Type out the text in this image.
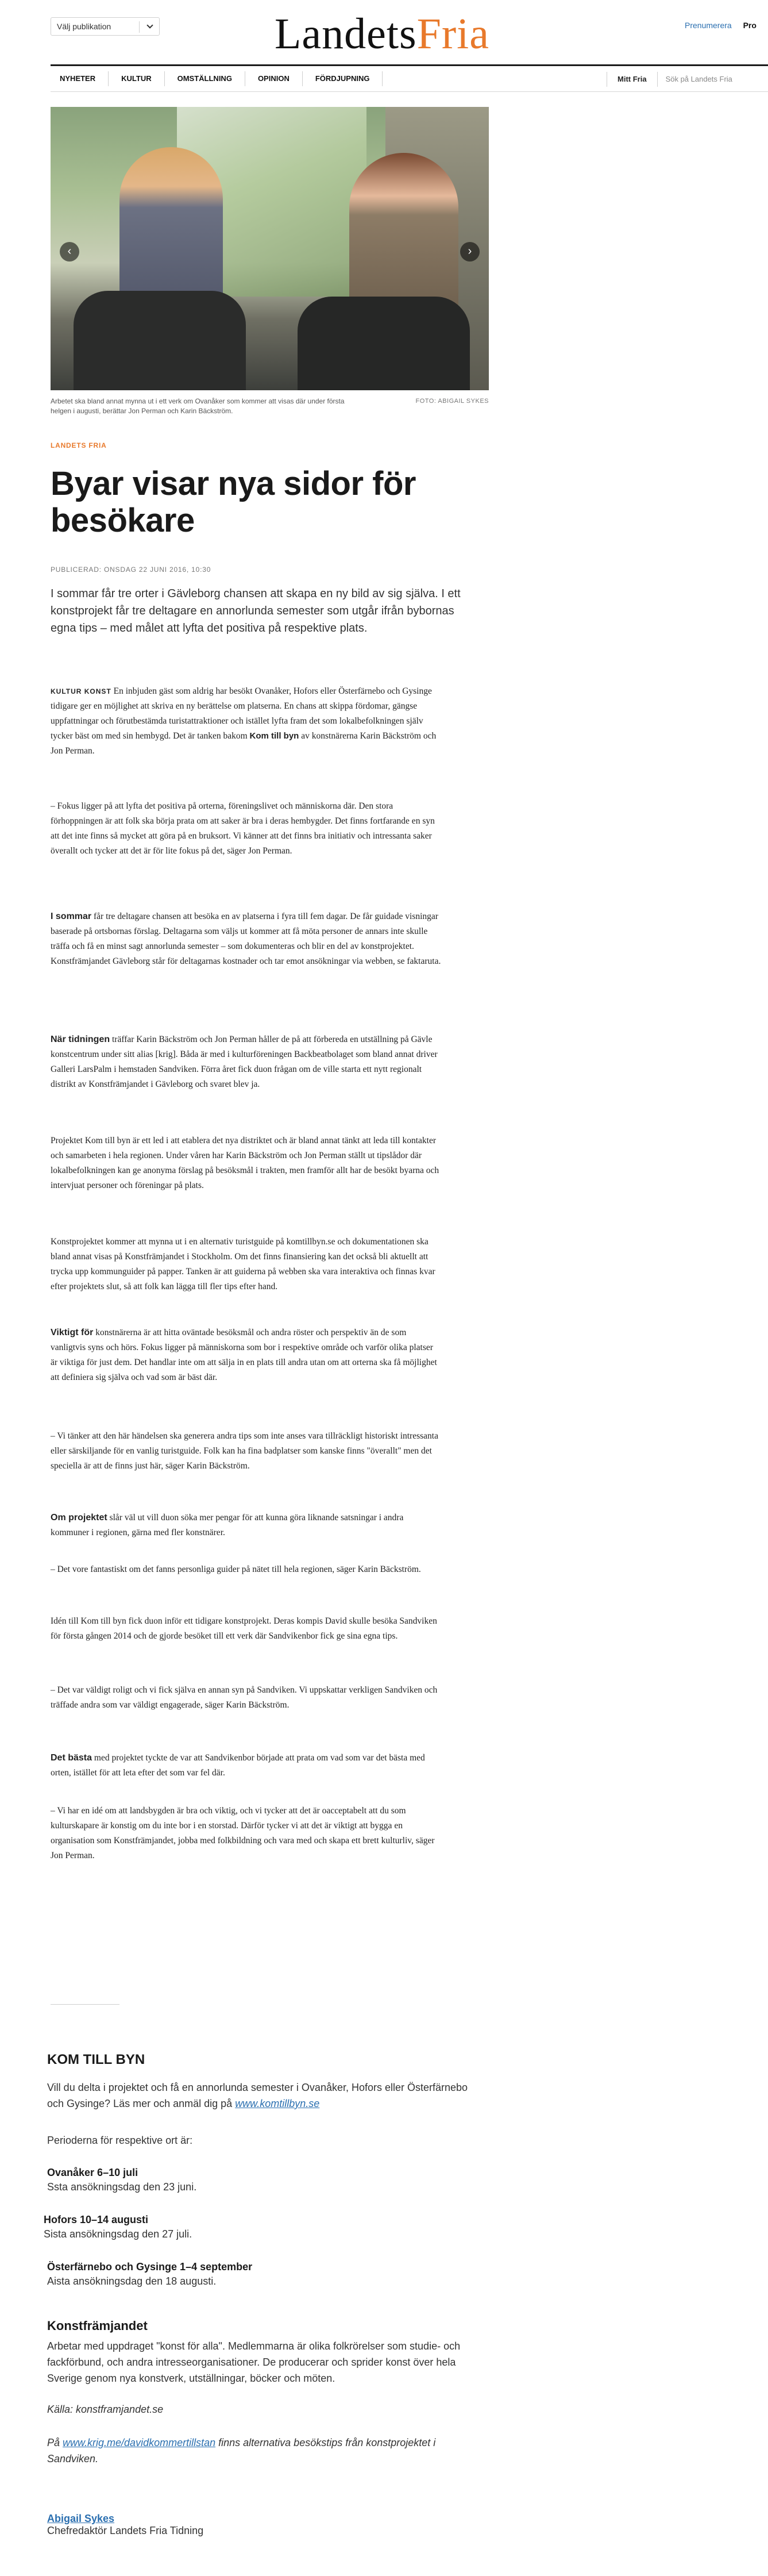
Välj publikation	LandetsFria	Prenumerera Pro
NYHETER	KULTUR	OMSTÄLLNING	OPINION	FÖRDJUPNING	Mitt Fria	Sök på Landets Fria
‹	›
Arbetet ska bland annat mynna ut i ett verk om Ovanåker som kommer att visas där under första helgen i augusti, berättar Jon Perman och Karin Bäckström.
FOTO: ABIGAIL SYKES
LANDETS FRIA
Byar visar nya sidor för besökare
PUBLICERAD: ONSDAG 22 JUNI 2016, 10:30

I sommar får tre orter i Gävleborg chansen att skapa en ny bild av sig själva. I ett konstprojekt får tre deltagare en annorlunda semester som utgår ifrån bybornas egna tips – med målet att lyfta det positiva på respektive plats.

KULTUR KONST En inbjuden gäst som aldrig har besökt Ovanåker, Hofors eller Österfärnebo och Gysinge tidigare ger en möjlighet att skriva en ny berättelse om platserna. En chans att skippa fördomar, gängse uppfattningar och förutbestämda turistattraktioner och istället lyfta fram det som lokalbefolkningen själv tycker bäst om med sin hembygd. Det är tanken bakom Kom till byn av konstnärerna Karin Bäckström och Jon Perman.

– Fokus ligger på att lyfta det positiva på orterna, föreningslivet och människorna där. Den stora förhoppningen är att folk ska börja prata om att saker är bra i deras hembygder. Det finns fortfarande en syn att det inte finns så mycket att göra på en bruksort. Vi känner att det finns bra initiativ och intressanta saker överallt och tycker att det är för lite fokus på det, säger Jon Perman.

I sommar får tre deltagare chansen att besöka en av platserna i fyra till fem dagar. De får guidade visningar baserade på ortsbornas förslag. Deltagarna som väljs ut kommer att få möta personer de annars inte skulle träffa och få en minst sagt annorlunda semester – som dokumenteras och blir en del av konstprojektet. Konstfrämjandet Gävleborg står för deltagarnas kostnader och tar emot ansökningar via webben, se faktaruta.

När tidningen träffar Karin Bäckström och Jon Perman håller de på att förbereda en utställning på Gävle konstcentrum under sitt alias [krig]. Båda är med i kulturföreningen Backbeatbolaget som bland annat driver Galleri LarsPalm i hemstaden Sandviken. Förra året fick duon frågan om de ville starta ett nytt regionalt distrikt av Konstfrämjandet i Gävleborg och svaret blev ja.

Projektet Kom till byn är ett led i att etablera det nya distriktet och är bland annat tänkt att leda till kontakter och samarbeten i hela regionen. Under våren har Karin Bäckström och Jon Perman ställt ut tipslådor där lokalbefolkningen kan ge anonyma förslag på besöksmål i trakten, men framför allt har de besökt byarna och intervjuat personer och föreningar på plats.

Konstprojektet kommer att mynna ut i en alternativ turistguide på komtillbyn.se och dokumentationen ska bland annat visas på Konstfrämjandet i Stockholm. Om det finns finansiering kan det också bli aktuellt att trycka upp kommunguider på papper. Tanken är att guiderna på webben ska vara interaktiva och finnas kvar efter projektets slut, så att folk kan lägga till fler tips efter hand.

Viktigt för konstnärerna är att hitta oväntade besöksmål och andra röster och perspektiv än de som vanligtvis syns och hörs. Fokus ligger på människorna som bor i respektive område och varför olika platser är viktiga för just dem. Det handlar inte om att sälja in en plats till andra utan om att orterna ska få möjlighet att definiera sig själva och vad som är bäst där.

– Vi tänker att den här händelsen ska generera andra tips som inte anses vara tillräckligt historiskt intressanta eller särskiljande för en vanlig turistguide. Folk kan ha fina badplatser som kanske finns "överallt" men det speciella är att de finns just här, säger Karin Bäckström.

Om projektet slår väl ut vill duon söka mer pengar för att kunna göra liknande satsningar i andra kommuner i regionen, gärna med fler konstnärer.

– Det vore fantastiskt om det fanns personliga guider på nätet till hela regionen, säger Karin Bäckström.

Idén till Kom till byn fick duon inför ett tidigare konstprojekt. Deras kompis David skulle besöka Sandviken för första gången 2014 och de gjorde besöket till ett verk där Sandvikenbor fick ge sina egna tips.

– Det var väldigt roligt och vi fick själva en annan syn på Sandviken. Vi uppskattar verkligen Sandviken och träffade andra som var väldigt engagerade, säger Karin Bäckström.

Det bästa med projektet tyckte de var att Sandvikenbor började att prata om vad som var det bästa med orten, istället för att leta efter det som var fel där.

– Vi har en idé om att landsbygden är bra och viktig, och vi tycker att det är oacceptabelt att du som kulturskapare är konstig om du inte bor i en storstad. Därför tycker vi att det är viktigt att bygga en organisation som Konstfrämjandet, jobba med folkbildning och vara med och skapa ett brett kulturliv, säger Jon Perman.

KOM TILL BYN

Vill du delta i projektet och få en annorlunda semester i Ovanåker, Hofors eller Österfärnebo och Gysinge? Läs mer och anmäl dig på www.komtillbyn.se

Perioderna för respektive ort är:

Ovanåker 6–10 juli
Ssta ansökningsdag den 23 juni.
Hofors 10–14 augusti
Sista ansökningsdag den 27 juli.
Österfärnebo och Gysinge 1–4 september
Aista ansökningsdag den 18 augusti.
Konstfrämjandet

Arbetar med uppdraget "konst för alla". Medlemmarna är olika folkrörelser som studie- och fackförbund, och andra intresseorganisationer. De producerar och sprider konst över hela Sverige genom nya konstverk, utställningar, böcker och möten.

Källa: konstframjandet.se

På www.krig.me/davidkommertillstan finns alternativa besökstips från konstprojektet i Sandviken.

Abigail Sykes
Chefredaktör Landets Fria Tidning
